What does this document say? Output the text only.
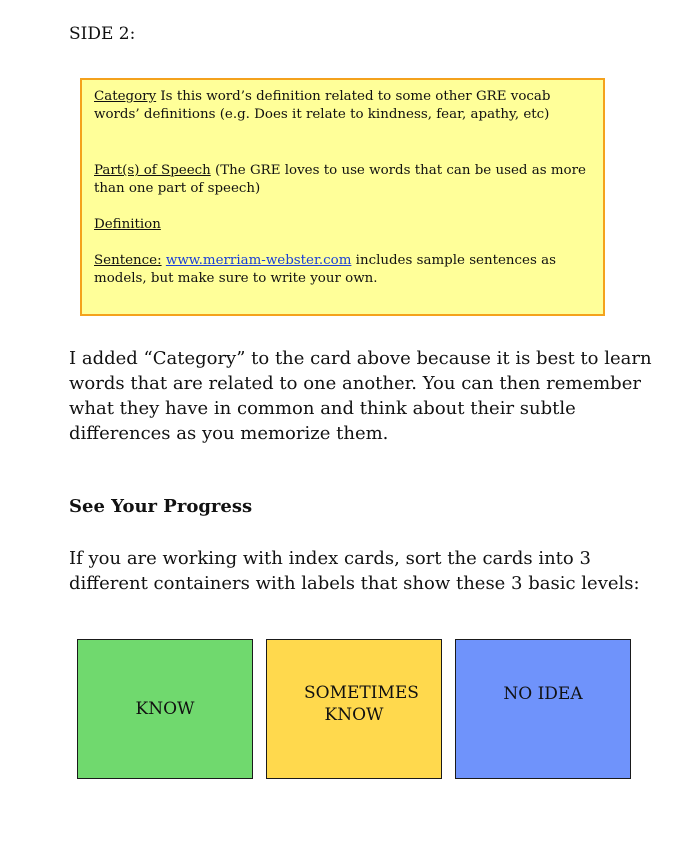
SIDE 2:

Category Is this word’s definition related to some other GRE vocab words’ definitions (e.g. Does it relate to kindness, fear, apathy, etc)

Part(s) of Speech (The GRE loves to use words that can be used as more than one part of speech)

Definition

Sentence: www.merriam-webster.com includes sample sentences as models, but make sure to write your own.

I added “Category” to the card above because it is best to learn words that are related to one another. You can then remember what they have in common and think about their subtle differences as you memorize them.

See Your Progress

If you are working with index cards, sort the cards into 3 different containers with labels that show these 3 basic levels:

KNOW
SOMETIMES KNOW
NO IDEA
